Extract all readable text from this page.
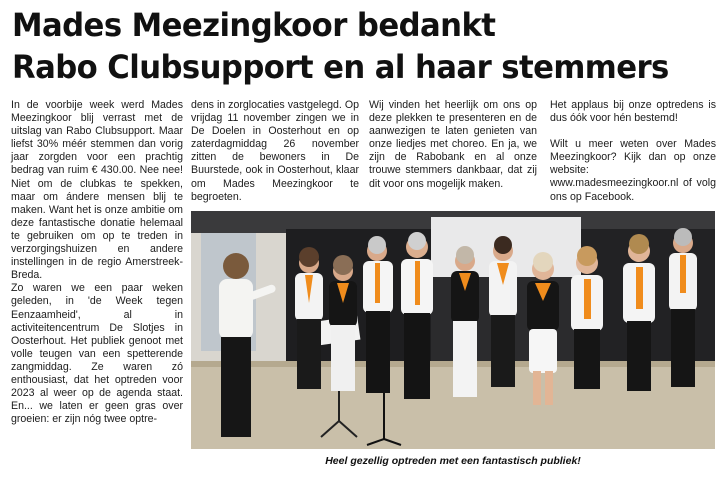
Mades Meezingkoor bedankt
Rabo Clubsupport en al haar stemmers

In de voorbije week werd Mades Meezingkoor blij verrast met de uitslag van Rabo Clubsupport. Maar liefst 30% méér stemmen dan vorig jaar zorgden voor een prachtig bedrag van ruim € 430.00. Nee nee! Niet om de clubkas te spekken, maar om ándere mensen blij te maken. Want het is onze ambitie om deze fantastische donatie helemaal te gebruiken om op te treden in verzorgingshuizen en andere instellingen in de regio Amerstreek-Breda.

Zo waren we een paar weken geleden, in 'de Week tegen Eenzaamheid', al in activiteitencentrum De Slotjes in Oosterhout. Het publiek genoot met volle teugen van een spetterende zangmiddag. Ze waren zó enthousiast, dat het optreden voor 2023 al weer op de agenda staat. En... we laten er geen gras over groeien: er zijn nóg twee optre-

dens in zorglocaties vastgelegd. Op vrijdag 11 november zingen we in De Doelen in Oosterhout en op zaterdagmiddag 26 november zitten de bewoners in De Buurstede, ook in Oosterhout, klaar om Mades Meezingkoor te begroeten.

Wij vinden het heerlijk om ons op deze plekken te presenteren en de aanwezigen te laten genieten van onze liedjes met choreo. En ja, we zijn de Rabobank en al onze trouwe stemmers dankbaar, dat zij dit voor ons mogelijk maken.

Het applaus bij onze optredens is dus óók voor hén bestemd!

Wilt u meer weten over Mades Meezingkoor? Kijk dan op onze website: www.madesmeezingkoor.nl of volg ons op Facebook.

Heel gezellig optreden met een fantastisch publiek!
